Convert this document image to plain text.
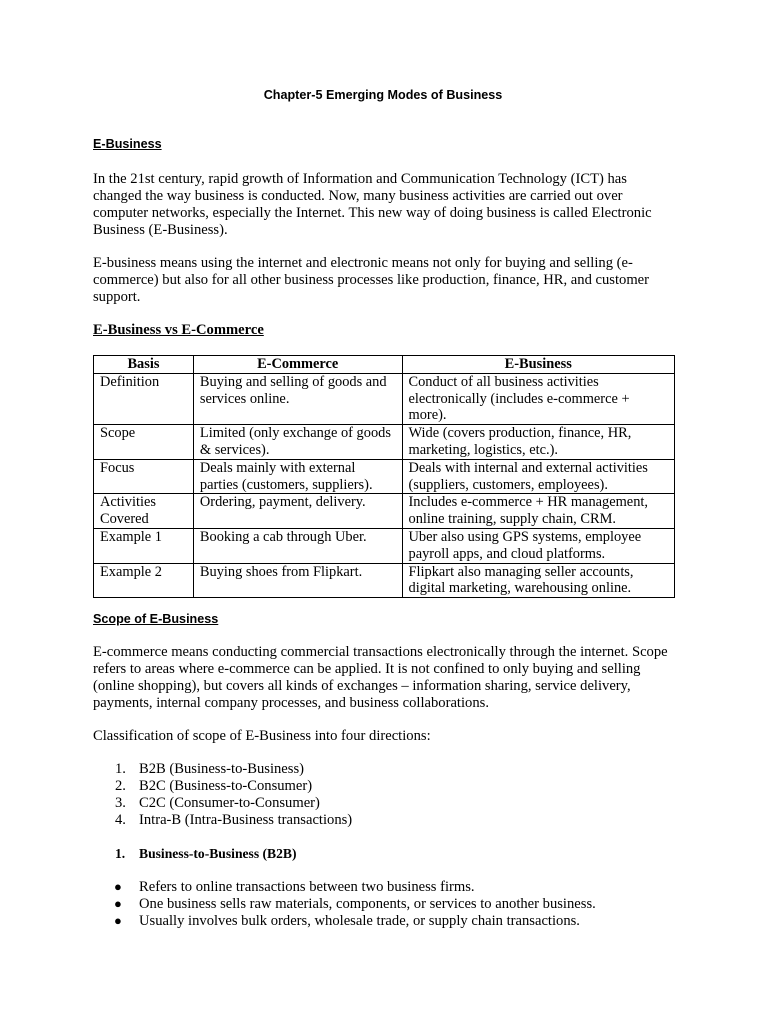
Chapter-5 Emerging Modes of Business
E-Business

In the 21st century, rapid growth of Information and Communication Technology (ICT) has changed the way business is conducted. Now, many business activities are carried out over computer networks, especially the Internet. This new way of doing business is called Electronic Business (E-Business).

E-business means using the internet and electronic means not only for buying and selling (e-commerce) but also for all other business processes like production, finance, HR, and customer support.

E-Business vs E-Commerce
Basis	E-Commerce	E-Business
Definition	Buying and selling of goods and services online.	Conduct of all business activities electronically (includes e-commerce + more).
Scope	Limited (only exchange of goods & services).	Wide (covers production, finance, HR, marketing, logistics, etc.).
Focus	Deals mainly with external parties (customers, suppliers).	Deals with internal and external activities (suppliers, customers, employees).
Activities Covered	Ordering, payment, delivery.	Includes e-commerce + HR management, online training, supply chain, CRM.
Example 1	Booking a cab through Uber.	Uber also using GPS systems, employee payroll apps, and cloud platforms.
Example 2	Buying shoes from Flipkart.	Flipkart also managing seller accounts, digital marketing, warehousing online.
Scope of E-Business

E-commerce means conducting commercial transactions electronically through the internet. Scope refers to areas where e-commerce can be applied. It is not confined to only buying and selling (online shopping), but covers all kinds of exchanges – information sharing, service delivery, payments, internal company processes, and business collaborations.

Classification of scope of E-Business into four directions:

1. B2B (Business-to-Business)
2. B2C (Business-to-Consumer)
3. C2C (Consumer-to-Consumer)
4. Intra-B (Intra-Business transactions)
1. Business-to-Business (B2B)
● Refers to online transactions between two business firms.
● One business sells raw materials, components, or services to another business.
● Usually involves bulk orders, wholesale trade, or supply chain transactions.
